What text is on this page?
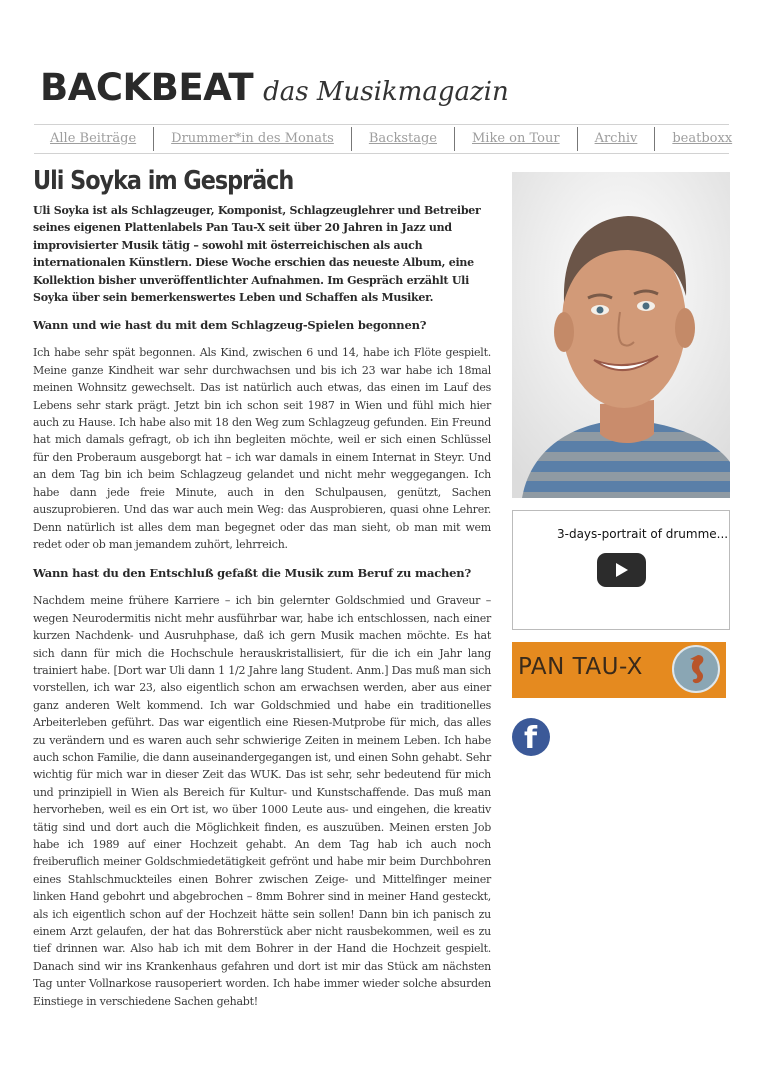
BACKBEAT das Musikmagazin
Alle Beiträge	Drummer*in des Monats	Backstage	Mike on Tour	Archiv	beatboxx
Uli Soyka im Gespräch

Uli Soyka ist als Schlagzeuger, Komponist, Schlagzeuglehrer und Betreiber seines eigenen Plattenlabels Pan Tau-X seit über 20 Jahren in Jazz und improvisierter Musik tätig – sowohl mit österreichischen als auch internationalen Künstlern. Diese Woche erschien das neueste Album, eine Kollektion bisher unveröffentlichter Aufnahmen. Im Gespräch erzählt Uli Soyka über sein bemerkenswertes Leben und Schaffen als Musiker.

Wann und wie hast du mit dem Schlagzeug-Spielen begonnen?

Ich habe sehr spät begonnen. Als Kind, zwischen 6 und 14, habe ich Flöte gespielt. Meine ganze Kindheit war sehr durchwachsen und bis ich 23 war habe ich 18mal meinen Wohnsitz gewechselt. Das ist natürlich auch etwas, das einen im Lauf des Lebens sehr stark prägt. Jetzt bin ich schon seit 1987 in Wien und fühl mich hier auch zu Hause. Ich habe also mit 18 den Weg zum Schlagzeug gefunden. Ein Freund hat mich damals gefragt, ob ich ihn begleiten möchte, weil er sich einen Schlüssel für den Proberaum ausgeborgt hat – ich war damals in einem Internat in Steyr. Und an dem Tag bin ich beim Schlagzeug gelandet und nicht mehr weggegangen. Ich habe dann jede freie Minute, auch in den Schulpausen, genützt, Sachen auszuprobieren. Und das war auch mein Weg: das Ausprobieren, quasi ohne Lehrer. Denn natürlich ist alles dem man begegnet oder das man sieht, ob man mit wem redet oder ob man jemandem zuhört, lehrreich.

Wann hast du den Entschluß gefaßt die Musik zum Beruf zu machen?

Nachdem meine frühere Karriere – ich bin gelernter Goldschmied und Graveur – wegen Neurodermitis nicht mehr ausführbar war, habe ich entschlossen, nach einer kurzen Nachdenk- und Ausruhphase, daß ich gern Musik machen möchte. Es hat sich dann für mich die Hochschule herauskristallisiert, für die ich ein Jahr lang trainiert habe. [Dort war Uli dann 1 1/2 Jahre lang Student. Anm.] Das muß man sich vorstellen, ich war 23, also eigentlich schon am erwachsen werden, aber aus einer ganz anderen Welt kommend. Ich war Goldschmied und habe ein traditionelles Arbeiterleben geführt. Das war eigentlich eine Riesen-Mutprobe für mich, das alles zu verändern und es waren auch sehr schwierige Zeiten in meinem Leben. Ich habe auch schon Familie, die dann auseinandergegangen ist, und einen Sohn gehabt. Sehr wichtig für mich war in dieser Zeit das WUK. Das ist sehr, sehr bedeutend für mich und prinzipiell in Wien als Bereich für Kultur- und Kunstschaffende. Das muß man hervorheben, weil es ein Ort ist, wo über 1000 Leute aus- und eingehen, die kreativ tätig sind und dort auch die Möglichkeit finden, es auszuüben. Meinen ersten Job habe ich 1989 auf einer Hochzeit gehabt. An dem Tag hab ich auch noch freiberuflich meiner Goldschmiedetätigkeit gefrönt und habe mir beim Durchbohren eines Stahlschmuckteiles einen Bohrer zwischen Zeige- und Mittelfinger meiner linken Hand gebohrt und abgebrochen – 8mm Bohrer sind in meiner Hand gesteckt, als ich eigentlich schon auf der Hochzeit hätte sein sollen! Dann bin ich panisch zu einem Arzt gelaufen, der hat das Bohrerstück aber nicht rausbekommen, weil es zu tief drinnen war. Also hab ich mit dem Bohrer in der Hand die Hochzeit gespielt. Danach sind wir ins Krankenhaus gefahren und dort ist mir das Stück am nächsten Tag unter Vollnarkose rausoperiert worden. Ich habe immer wieder solche absurden Einstiege in verschiedene Sachen gehabt!

3-days-portrait of drumme...
PAN TAU-X
f
